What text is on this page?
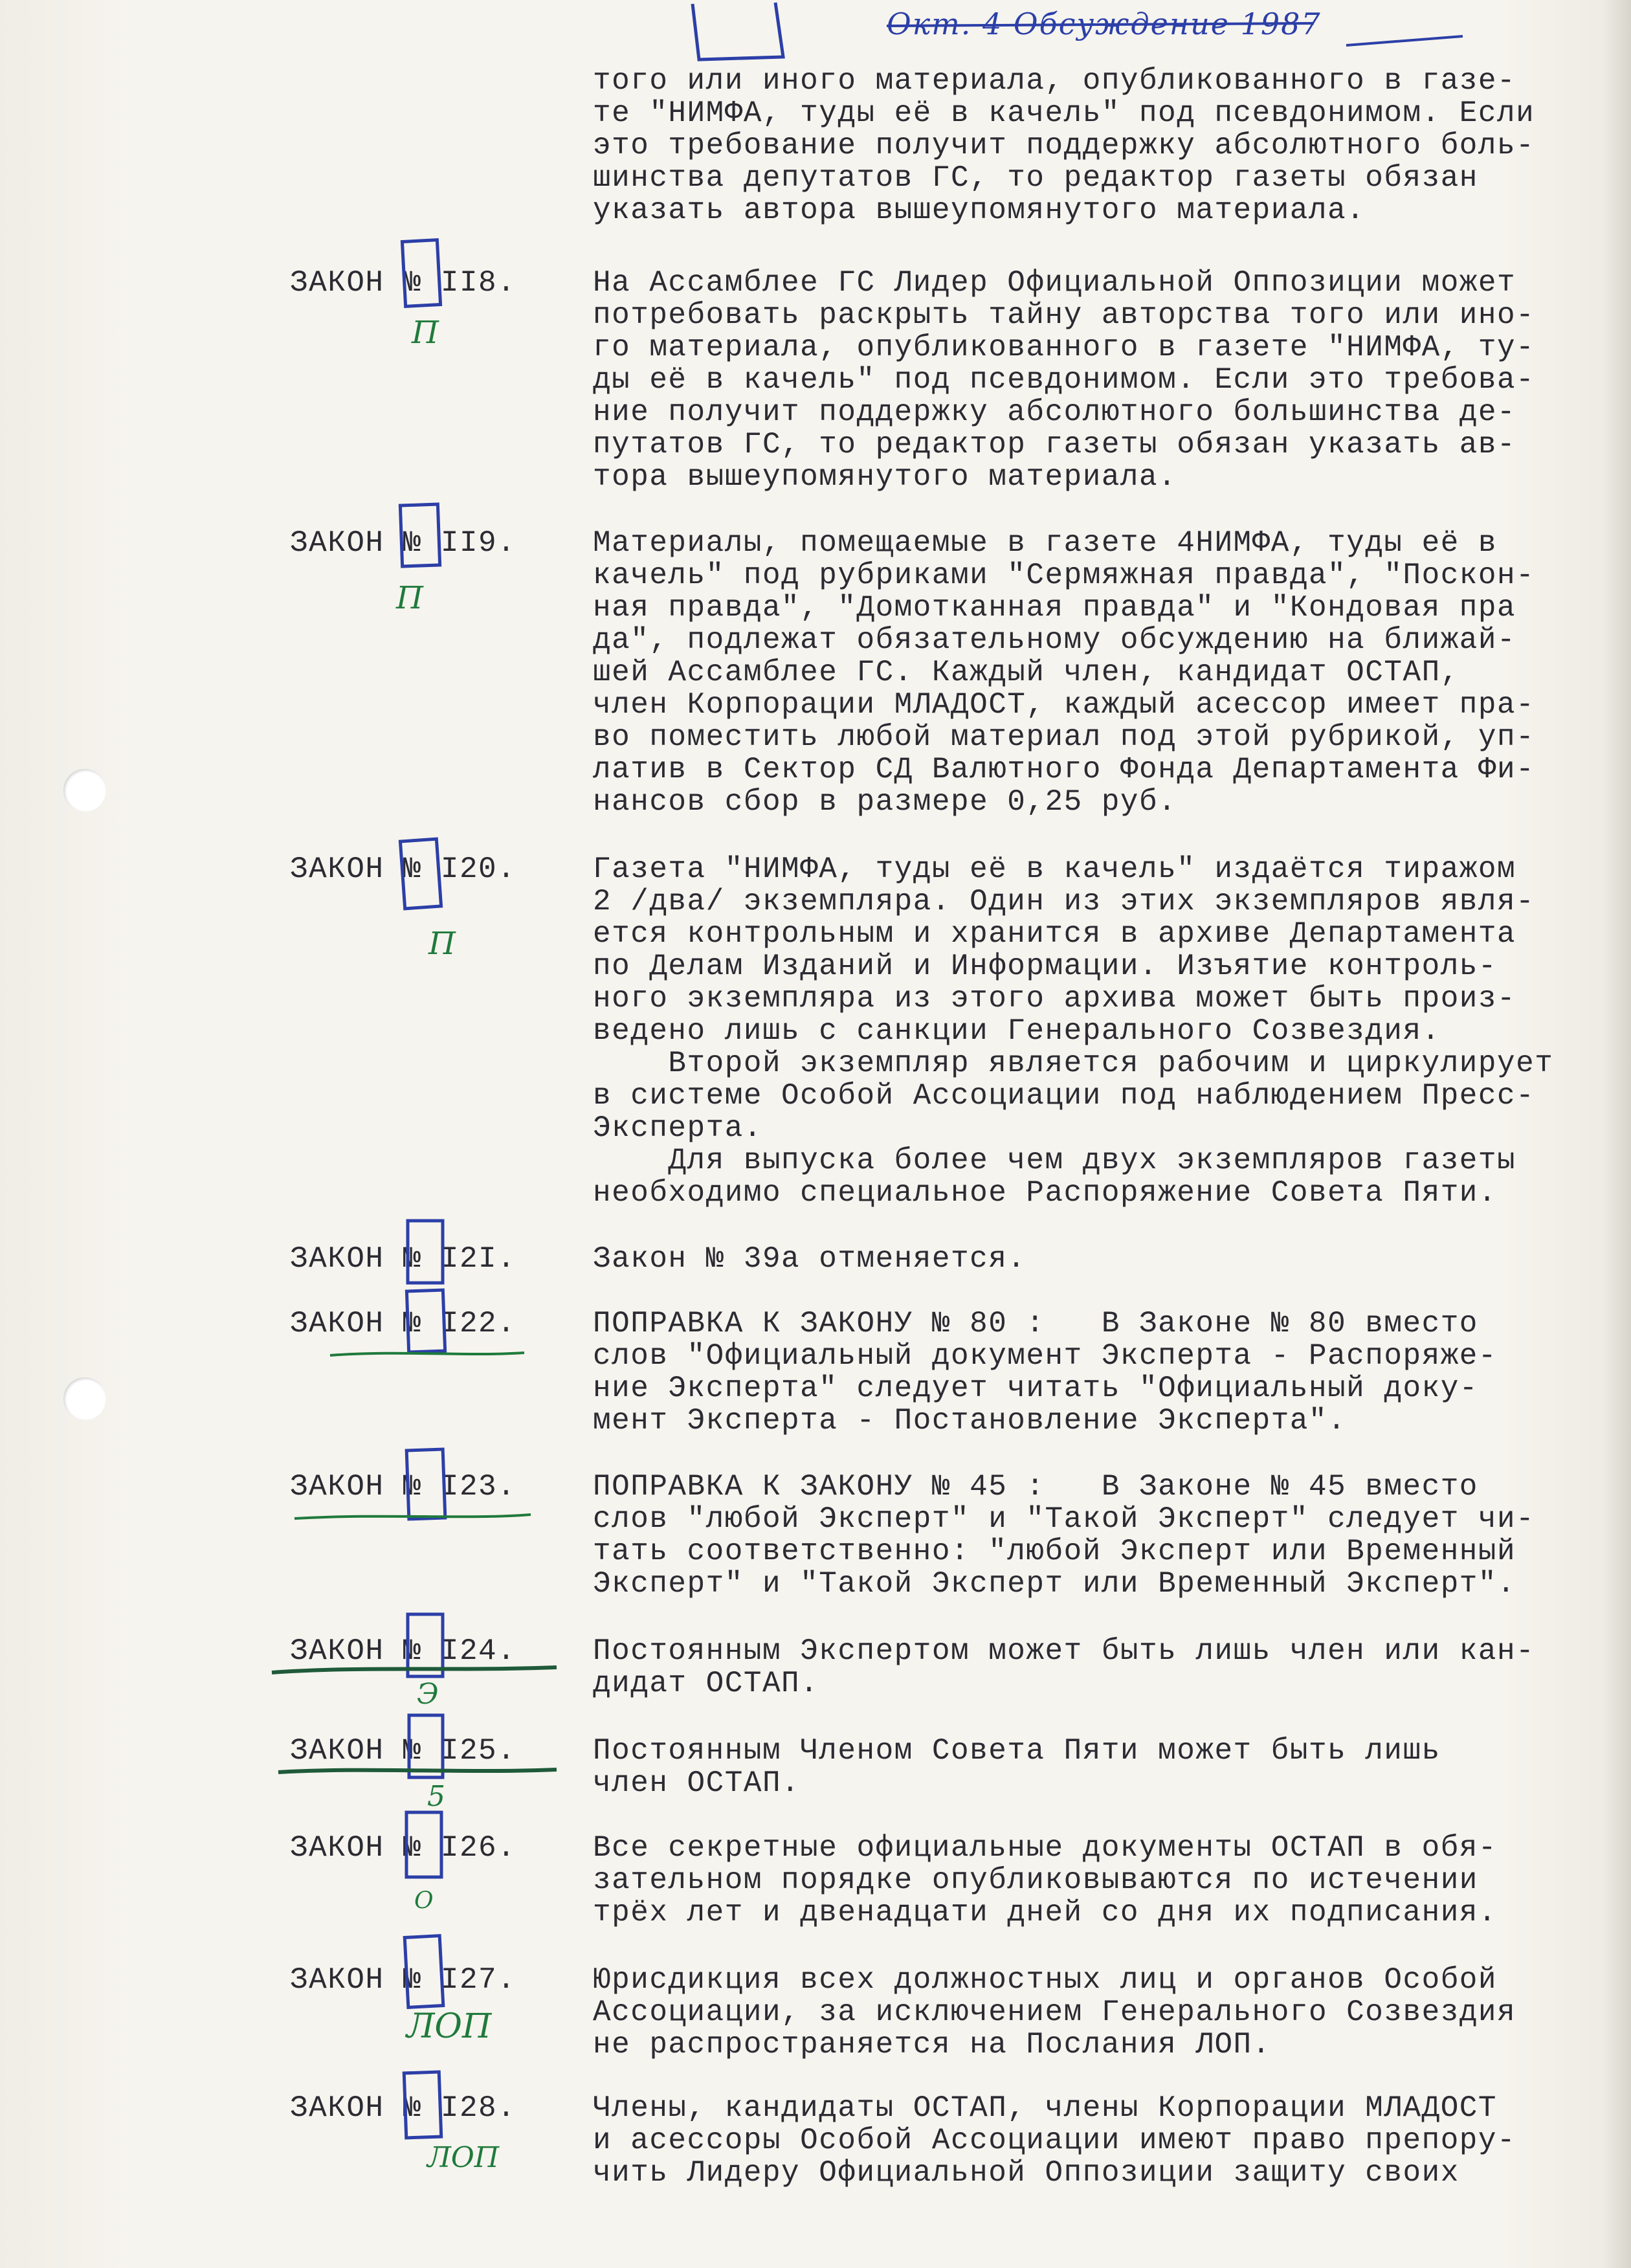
Окт. 4 Обсуждение 1987
того или иного материала, опубликованного в газе-
те "НИМФА, туды её в качель" под псевдонимом. Если
это требование получит поддержку абсолютного боль-
шинства депутатов ГС, то редактор газеты обязан
указать автора вышеупомянутого материала.
ЗАКОН № II8.	На Ассамблее ГС Лидер Официальной Оппозиции может
потребовать раскрыть тайну авторства того или ино-
го материала, опубликованного в газете "НИМФА, ту-
ды её в качель" под псевдонимом. Если это требова-
ние получит поддержку абсолютного большинства де-
путатов ГС, то редактор газеты обязан указать ав-
тора вышеупомянутого материала.
ЗАКОН № II9.	Материалы, помещаемые в газете 4НИМФА, туды её в
качель" под рубриками "Сермяжная правда", "Поскон-
ная правда", "Домотканная правда" и "Кондовая пра
да", подлежат обязательному обсуждению на ближай-
шей Ассамблее ГС. Каждый член, кандидат ОСТАП,
член Корпорации МЛАДОСТ, каждый асессор имеет пра-
во поместить любой материал под этой рубрикой, уп-
латив в Сектор СД Валютного Фонда Департамента Фи-
нансов сбор в размере 0,25 руб.
ЗАКОН № I20.	Газета "НИМФА, туды её в качель" издаётся тиражом
2 /два/ экземпляра. Один из этих экземпляров явля-
ется контрольным и хранится в архиве Департамента
по Делам Изданий и Информации. Изъятие контроль-
ного экземпляра из этого архива может быть произ-
ведено лишь с санкции Генерального Созвездия.
Второй экземпляр является рабочим и циркулирует
в системе Особой Ассоциации под наблюдением Пресс-
Эксперта.
Для выпуска более чем двух экземпляров газеты
необходимо специальное Распоряжение Совета Пяти.
ЗАКОН № I2I.	Закон № 39а отменяется.
ЗАКОН № I22.	ПОПРАВКА К ЗАКОНУ № 80 :   В Законе № 80 вместо
слов "Официальный документ Эксперта - Распоряже-
ние Эксперта" следует читать "Официальный доку-
мент Эксперта - Постановление Эксперта".
ЗАКОН № I23.	ПОПРАВКА К ЗАКОНУ № 45 :   В Законе № 45 вместо
слов "любой Эксперт" и "Такой Эксперт" следует чи-
тать соответственно: "любой Эксперт или Временный
Эксперт" и "Такой Эксперт или Временный Эксперт".
ЗАКОН № I24.	Постоянным Экспертом может быть лишь член или кан-
дидат ОСТАП.
ЗАКОН № I25.	Постоянным Членом Совета Пяти может быть лишь
член ОСТАП.
ЗАКОН № I26.	Все секретные официальные документы ОСТАП в обя-
зательном порядке опубликовываются по истечении
трёх лет и двенадцати дней со дня их подписания.
ЗАКОН № I27.	Юрисдикция всех должностных лиц и органов Особой
Ассоциации, за исключением Генерального Созвездия
не распространяется на Послания ЛОП.
ЗАКОН № I28.	Члены, кандидаты ОСТАП, члены Корпорации МЛАДОСТ
и асессоры Особой Ассоциации имеют право препору-
чить Лидеру Официальной Оппозиции защиту своих
П
П
П
Э
5
О
ЛОП
ЛОП
